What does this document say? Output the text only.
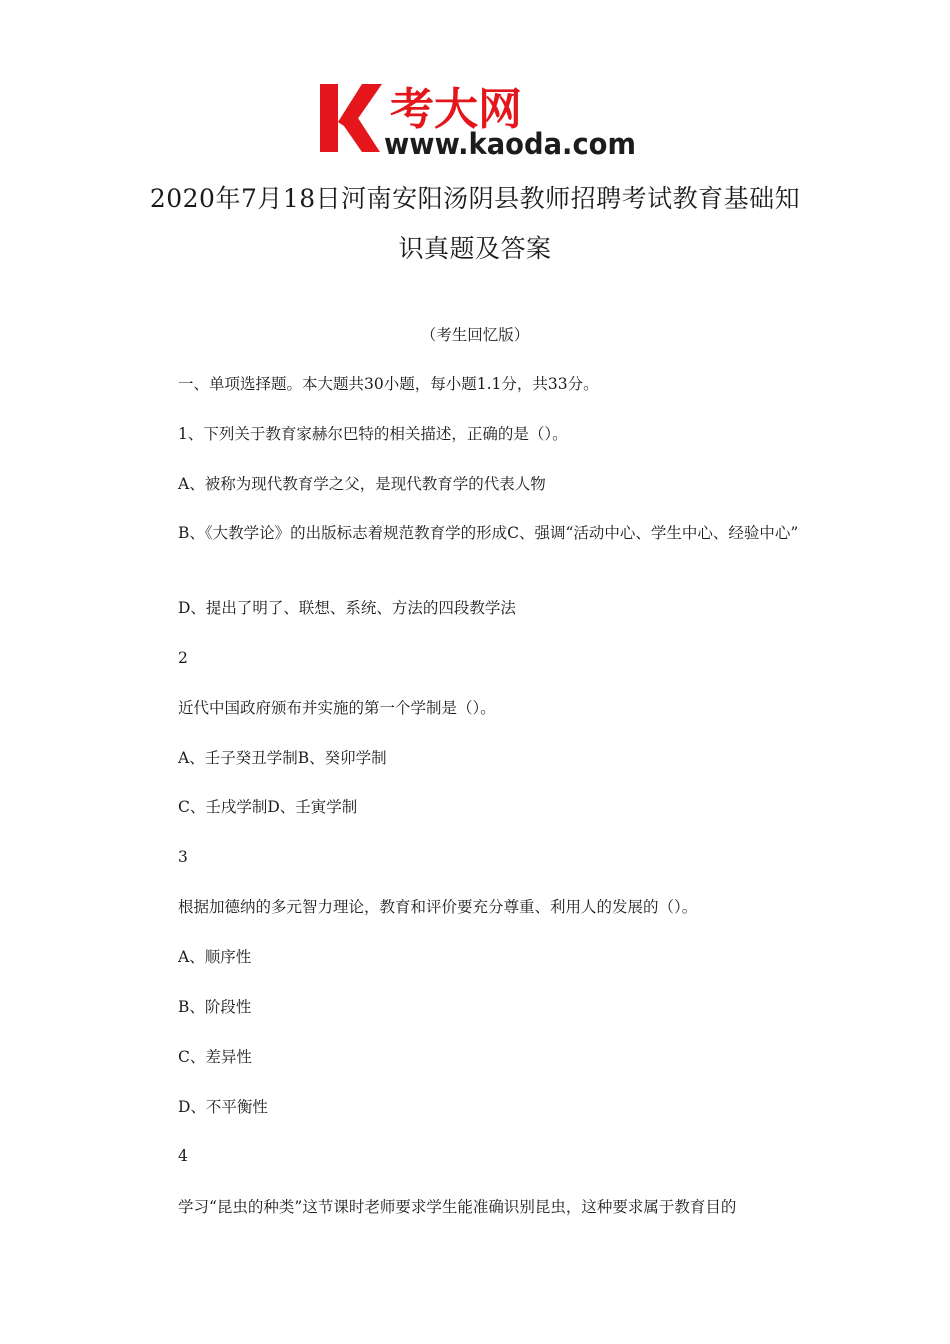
考大网
www.kaoda.com
2020年7月18日河南安阳汤阴县教师招聘考试教育基础知
识真题及答案
（考生回忆版）
一、单项选择题。本大题共30小题，每小题1.1分，共33分。
1、下列关于教育家赫尔巴特的相关描述，正确的是（）。
A、被称为现代教育学之父，是现代教育学的代表人物
B、《大教学论》的出版标志着规范教育学的形成C、强调“活动中心、学生中心、经验中心”
D、提出了明了、联想、系统、方法的四段教学法
2
近代中国政府颁布并实施的第一个学制是（）。
A、壬子癸丑学制B、癸卯学制
C、壬戌学制D、壬寅学制
3
根据加德纳的多元智力理论，教育和评价要充分尊重、利用人的发展的（）。
A、顺序性
B、阶段性
C、差异性
D、不平衡性
4
学习“昆虫的种类”这节课时老师要求学生能准确识别昆虫，这种要求属于教育目的
